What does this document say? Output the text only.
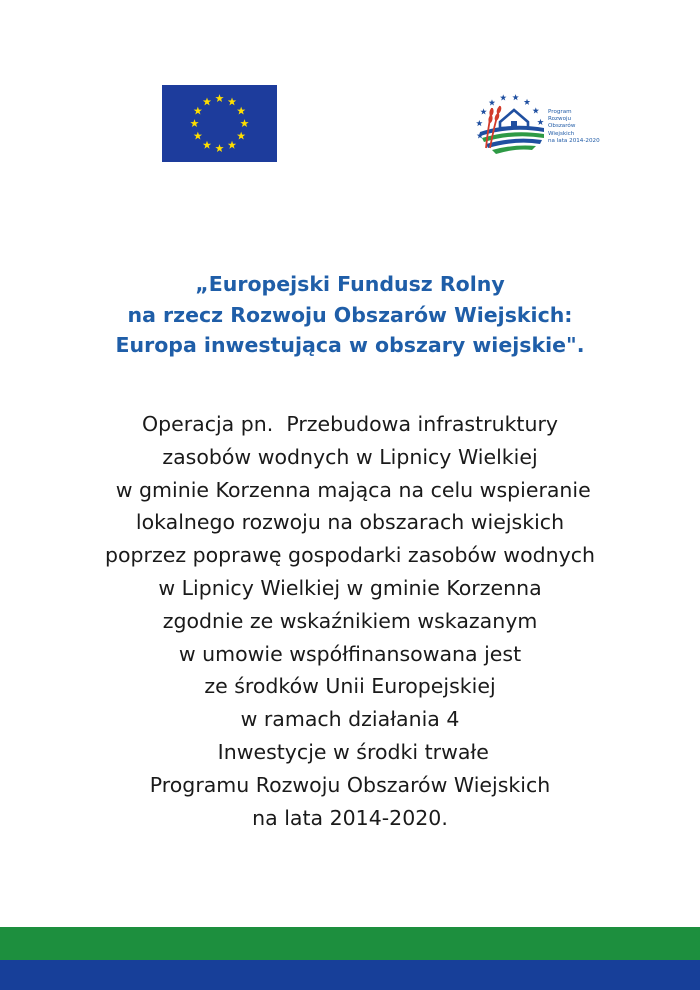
Program
Rozwoju
Obszarów
Wiejskich
na lata 2014-2020
„Europejski Fundusz Rolny
na rzecz Rozwoju Obszarów Wiejskich:
Europa inwestująca w obszary wiejskie".
Operacja pn.  Przebudowa infrastruktury
zasobów wodnych w Lipnicy Wielkiej
w gminie Korzenna mająca na celu wspieranie
lokalnego rozwoju na obszarach wiejskich
poprzez poprawę gospodarki zasobów wodnych
w Lipnicy Wielkiej w gminie Korzenna
zgodnie ze wskaźnikiem wskazanym
w umowie współfinansowana jest
ze środków Unii Europejskiej
w ramach działania 4
Inwestycje w środki trwałe
Programu Rozwoju Obszarów Wiejskich
na lata 2014-2020.
